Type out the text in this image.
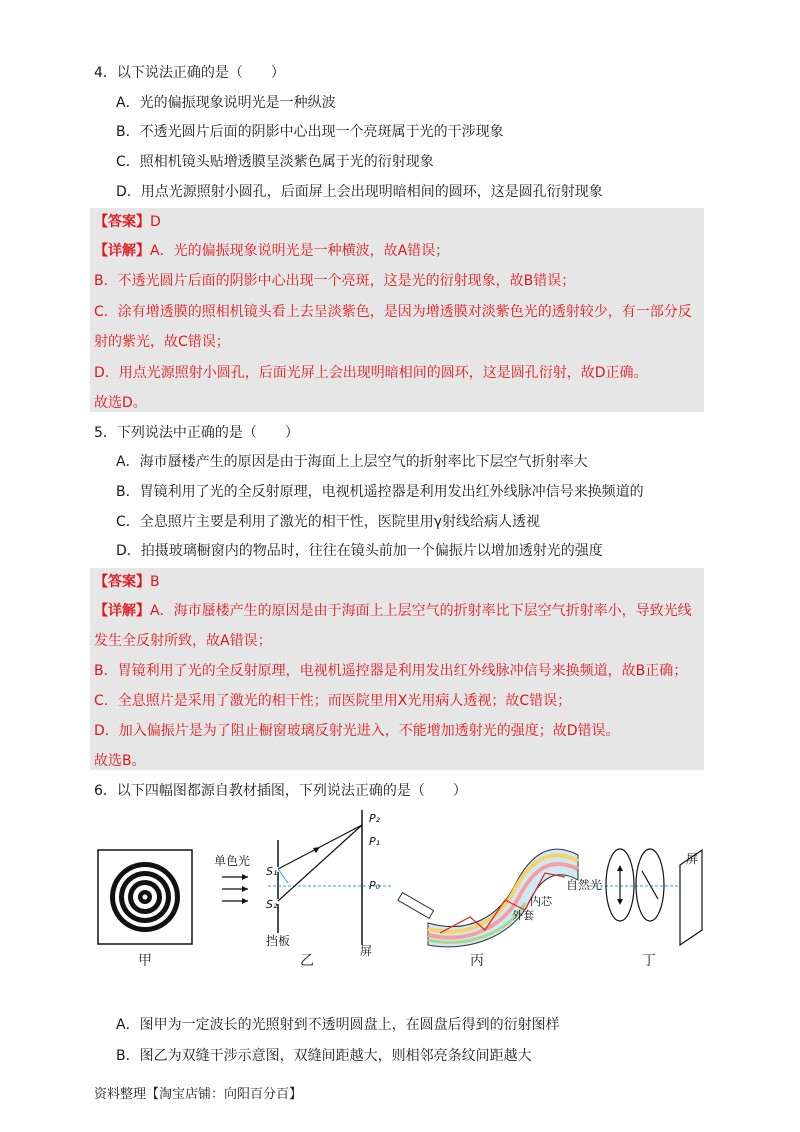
4．以下说法正确的是（　　）
A．光的偏振现象说明光是一种纵波
B．不透光圆片后面的阴影中心出现一个亮斑属于光的干涉现象
C．照相机镜头贴增透膜呈淡紫色属于光的衍射现象
D．用点光源照射小圆孔，后面屏上会出现明暗相间的圆环，这是圆孔衍射现象
【答案】D
【详解】A．光的偏振现象说明光是一种横波，故A错误；
B．不透光圆片后面的阴影中心出现一个亮斑，这是光的衍射现象，故B错误；
C．涂有增透膜的照相机镜头看上去呈淡紫色，是因为增透膜对淡紫色光的透射较少，有一部分反
射的紫光，故C错误；
D．用点光源照射小圆孔，后面光屏上会出现明暗相间的圆环，这是圆孔衍射，故D正确。
故选D。
5．下列说法中正确的是（　　）
A．海市蜃楼产生的原因是由于海面上上层空气的折射率比下层空气折射率大
B．胃镜利用了光的全反射原理，电视机遥控器是利用发出红外线脉冲信号来换频道的
C．全息照片主要是利用了激光的相干性，医院里用γ射线给病人透视
D．拍摄玻璃橱窗内的物品时，往往在镜头前加一个偏振片以增加透射光的强度
【答案】B
【详解】A．海市蜃楼产生的原因是由于海面上上层空气的折射率比下层空气折射率小，导致光线
发生全反射所致，故A错误；
B．胃镜利用了光的全反射原理，电视机遥控器是利用发出红外线脉冲信号来换频道，故B正确；
C．全息照片是采用了激光的相干性；而医院里用X光用病人透视；故C错误；
D．加入偏振片是为了阻止橱窗玻璃反射光进入，不能增加透射光的强度；故D错误。
故选B。
6．以下四幅图都源自教材插图，下列说法正确的是（　　）
单色光
S₁
S₂
P₂
P₁
P₀
挡板
屏
内芯
外套
自然光
屏
甲	乙	丙	丁
A．图甲为一定波长的光照射到不透明圆盘上，在圆盘后得到的衍射图样
B．图乙为双缝干涉示意图，双缝间距越大，则相邻亮条纹间距越大
资料整理【淘宝店铺：向阳百分百】
